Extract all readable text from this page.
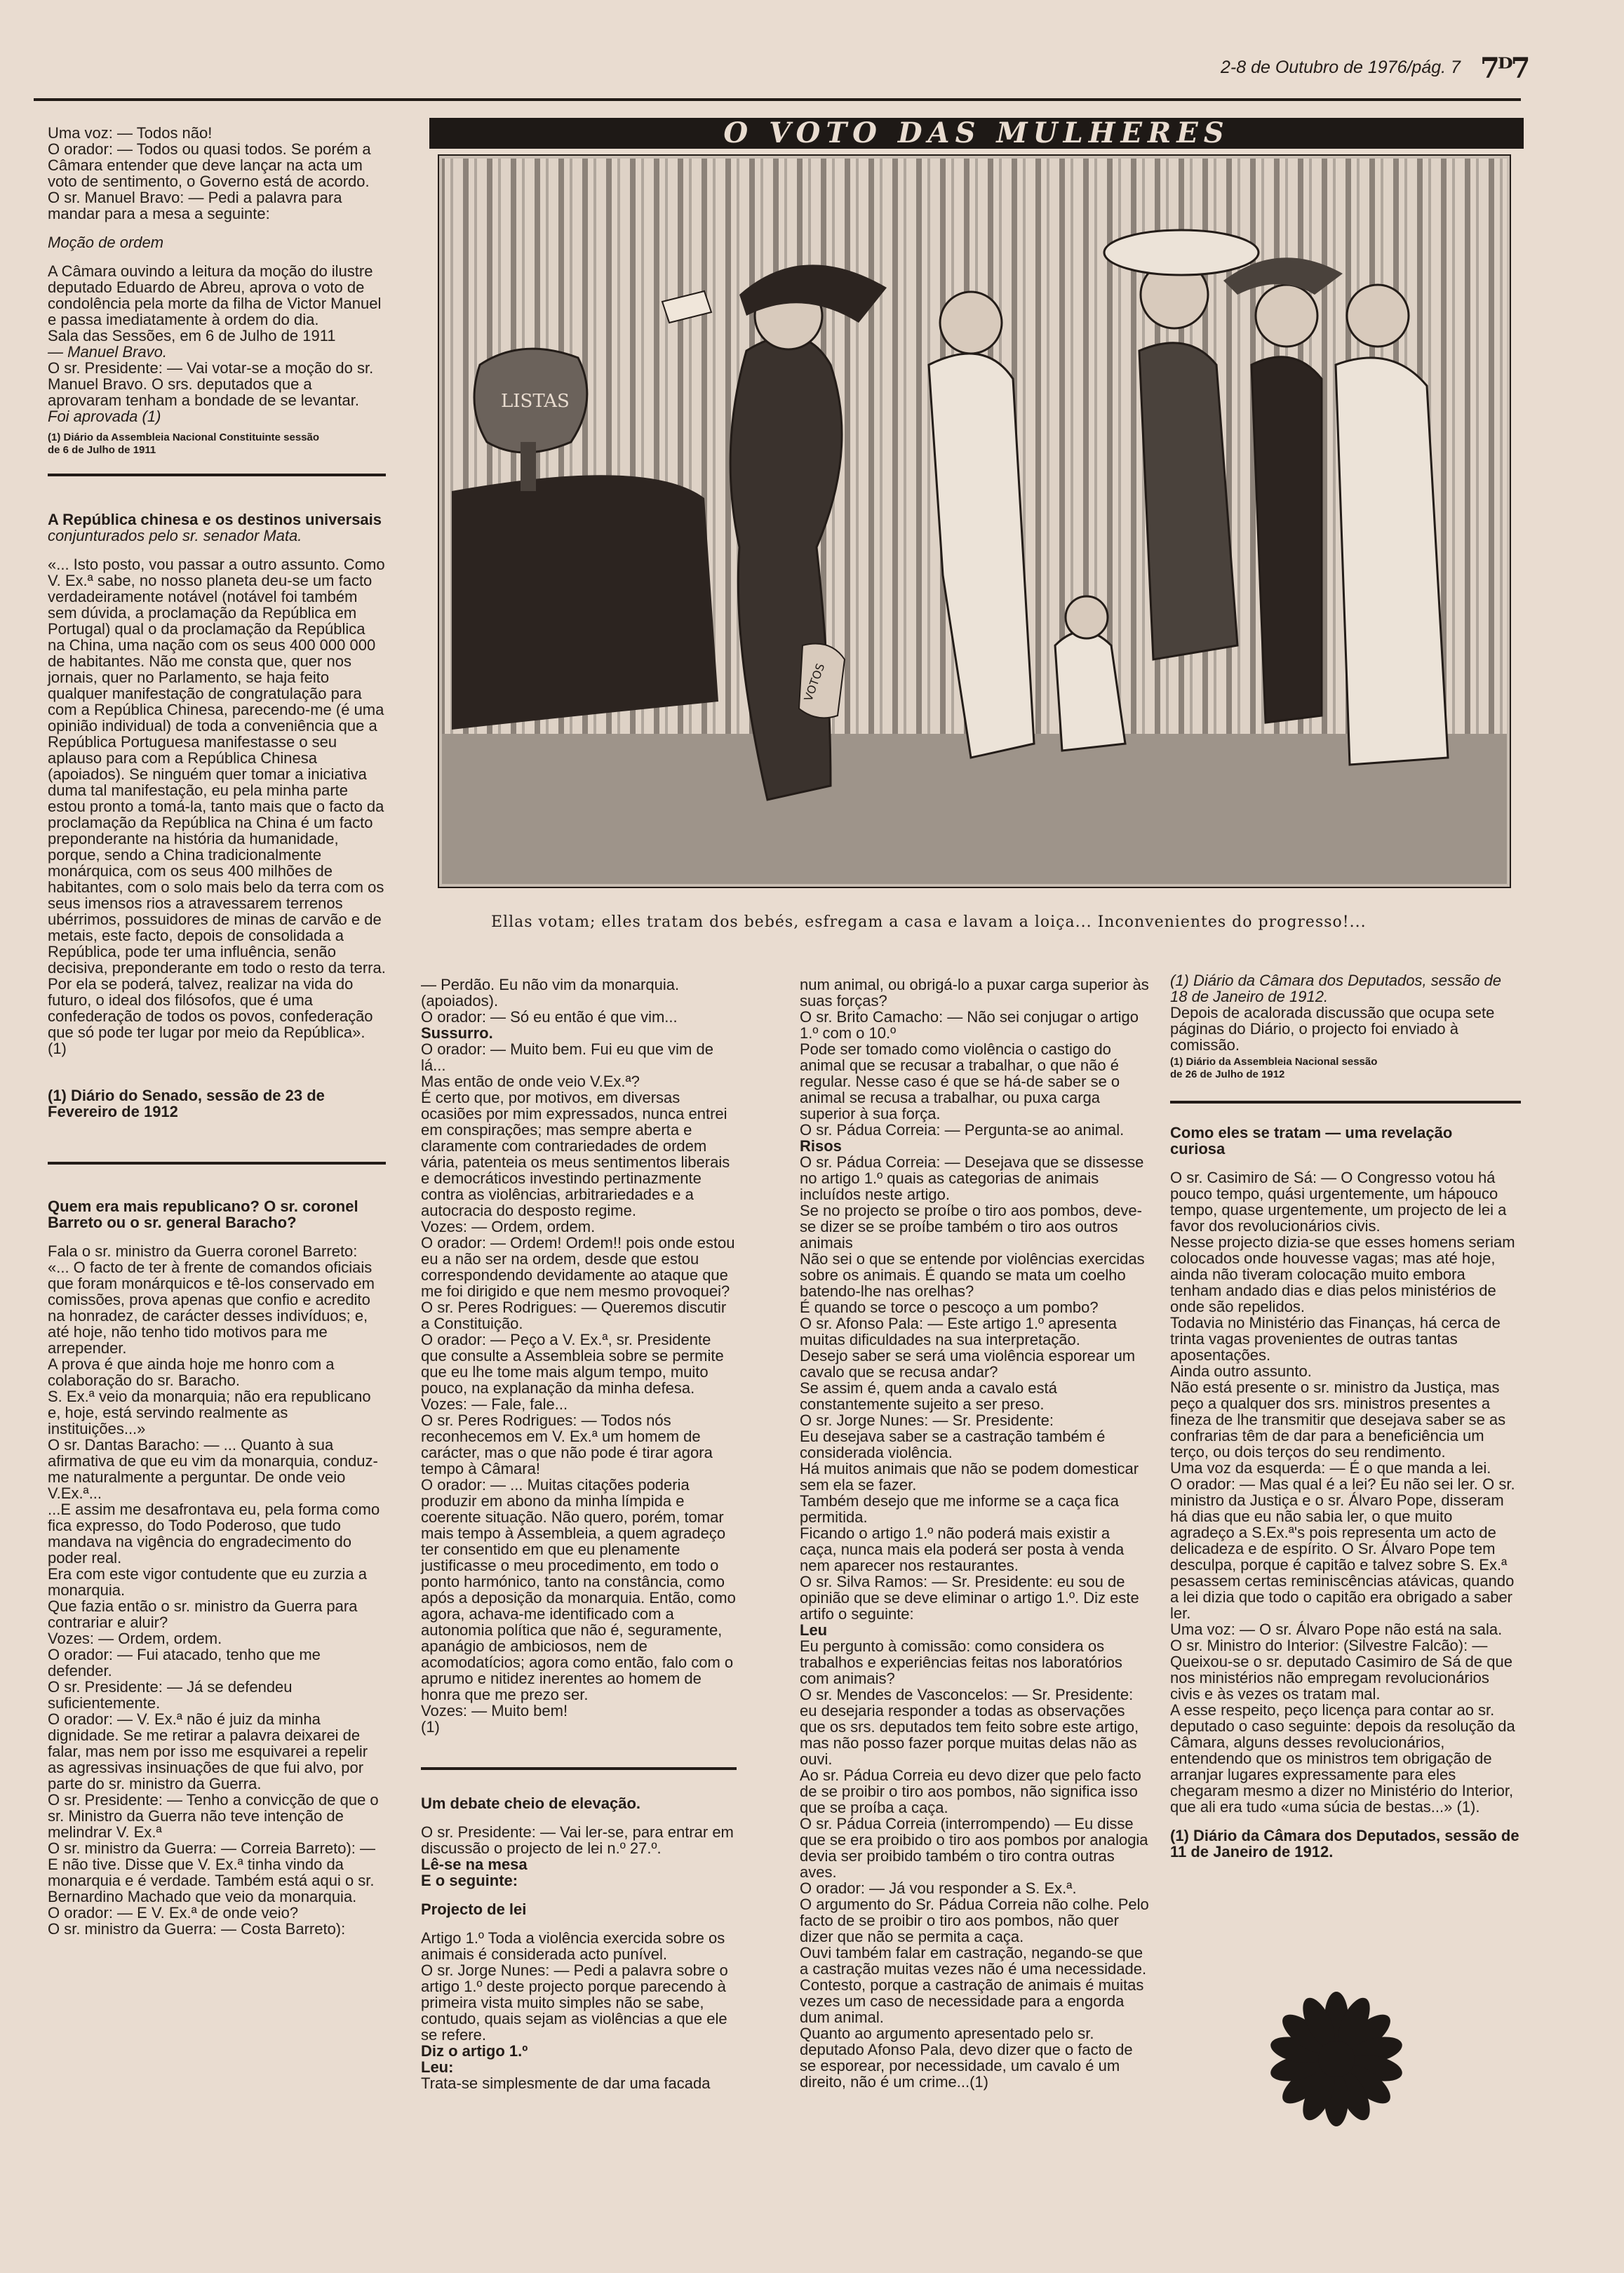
2-8 de Outubro de 1976/pág. 7 7ᴰ7

Uma voz: — Todos não!

O orador: — Todos ou quasi todos. Se porém a Câmara entender que deve lançar na acta um voto de sentimento, o Governo está de acordo.

O sr. Manuel Bravo: — Pedi a palavra para mandar para a mesa a seguinte:

Moção de ordem

A Câmara ouvindo a leitura da moção do ilustre deputado Eduardo de Abreu, aprova o voto de condolência pela morte da filha de Victor Manuel e passa imediatamente à ordem do dia.

Sala das Sessões, em 6 de Julho de 1911

— Manuel Bravo.

O sr. Presidente: — Vai votar-se a moção do sr. Manuel Bravo. O srs. deputados que a aprovaram tenham a bondade de se levantar.

Foi aprovada (1)

(1) Diário da Assembleia Nacional Constituinte sessão de 6 de Julho de 1911

A República chinesa e os destinos universais

conjunturados pelo sr. senador Mata.

«... Isto posto, vou passar a outro assunto. Como V. Ex.ª sabe, no nosso planeta deu-se um facto verdadeiramente notável (notável foi também sem dúvida, a proclamação da República em Portugal) qual o da proclamação da República na China, uma nação com os seus 400 000 000 de habitantes. Não me consta que, quer nos jornais, quer no Parlamento, se haja feito qualquer manifestação de congratulação para com a República Chinesa, parecendo-me (é uma opinião individual) de toda a conveniência que a República Portuguesa manifestasse o seu aplauso para com a República Chinesa (apoiados). Se ninguém quer tomar a iniciativa duma tal manifestação, eu pela minha parte estou pronto a tomá-la, tanto mais que o facto da proclamação da República na China é um facto preponderante na história da humanidade, porque, sendo a China tradicionalmente monárquica, com os seus 400 milhões de habitantes, com o solo mais belo da terra com os seus imensos rios a atravessarem terrenos ubérrimos, possuidores de minas de carvão e de metais, este facto, depois de consolidada a República, pode ter uma influência, senão decisiva, preponderante em todo o resto da terra. Por ela se poderá, talvez, realizar na vida do futuro, o ideal dos filósofos, que é uma confederação de todos os povos, confederação que só pode ter lugar por meio da República». (1)

(1) Diário do Senado, sessão de 23 de Fevereiro de 1912

Quem era mais republicano? O sr. coronel Barreto ou o sr. general Baracho?

Fala o sr. ministro da Guerra coronel Barreto:

«... O facto de ter à frente de comandos oficiais que foram monárquicos e tê-los conservado em comissões, prova apenas que confio e acredito na honradez, de carácter desses indivíduos; e, até hoje, não tenho tido motivos para me arrepender.

A prova é que ainda hoje me honro com a colaboração do sr. Baracho.

S. Ex.ª veio da monarquia; não era republicano e, hoje, está servindo realmente as instituições...»

O sr. Dantas Baracho: — ... Quanto à sua afirmativa de que eu vim da monarquia, conduz-me naturalmente a perguntar. De onde veio V.Ex.ª...

...E assim me desafrontava eu, pela forma como fica expresso, do Todo Poderoso, que tudo mandava na vigência do engradecimento do poder real.

Era com este vigor contudente que eu zurzia a monarquia.

Que fazia então o sr. ministro da Guerra para contrariar e aluir?

Vozes: — Ordem, ordem.

O orador: — Fui atacado, tenho que me defender.

O sr. Presidente: — Já se defendeu suficientemente.

O orador: — V. Ex.ª não é juiz da minha dignidade. Se me retirar a palavra deixarei de falar, mas nem por isso me esquivarei a repelir as agressivas insinuações de que fui alvo, por parte do sr. ministro da Guerra.

O sr. Presidente: — Tenho a convicção de que o sr. Ministro da Guerra não teve intenção de melindrar V. Ex.ª

O sr. ministro da Guerra: — Correia Barreto): — E não tive. Disse que V. Ex.ª tinha vindo da monarquia e é verdade. Também está aqui o sr. Bernardino Machado que veio da monarquia.

O orador: — E V. Ex.ª de onde veio?

O sr. ministro da Guerra: — Costa Barreto):

O VOTO DAS MULHERES
LISTAS
VOTOS
Ellas votam; elles tratam dos bebés, esfregam a casa e lavam a loiça... Inconvenientes do progresso!...

— Perdão. Eu não vim da monarquia. (apoiados).

O orador: — Só eu então é que vim...

Sussurro.

O orador: — Muito bem. Fui eu que vim de lá...

Mas então de onde veio V.Ex.ª?

É certo que, por motivos, em diversas ocasiões por mim expressados, nunca entrei em conspirações; mas sempre aberta e claramente com contrariedades de ordem vária, patenteia os meus sentimentos liberais e democráticos investindo pertinazmente contra as violências, arbitrariedades e a autocracia do desposto regime.

Vozes: — Ordem, ordem.

O orador: — Ordem! Ordem!! pois onde estou eu a não ser na ordem, desde que estou correspondendo devidamente ao ataque que me foi dirigido e que nem mesmo provoquei?

O sr. Peres Rodrigues: — Queremos discutir a Constituição.

O orador: — Peço a V. Ex.ª, sr. Presidente que consulte a Assembleia sobre se permite que eu lhe tome mais algum tempo, muito pouco, na explanação da minha defesa.

Vozes: — Fale, fale...

O sr. Peres Rodrigues: — Todos nós reconhecemos em V. Ex.ª um homem de carácter, mas o que não pode é tirar agora tempo à Câmara!

O orador: — ... Muitas citações poderia produzir em abono da minha límpida e coerente situação. Não quero, porém, tomar mais tempo à Assembleia, a quem agradeço ter consentido em que eu plenamente justificasse o meu procedimento, em todo o ponto harmónico, tanto na constância, como após a deposição da monarquia. Então, como agora, achava-me identificado com a autonomia política que não é, seguramente, apanágio de ambiciosos, nem de acomodatícios; agora como então, falo com o aprumo e nitidez inerentes ao homem de honra que me prezo ser.

Vozes: — Muito bem!

(1)

Um debate cheio de elevação.

O sr. Presidente: — Vai ler-se, para entrar em discussão o projecto de lei n.º 27.º.

Lê-se na mesa

E o seguinte:

Projecto de lei

Artigo 1.º Toda a violência exercida sobre os animais é considerada acto punível.

O sr. Jorge Nunes: — Pedi a palavra sobre o artigo 1.º deste projecto porque parecendo à primeira vista muito simples não se sabe, contudo, quais sejam as violências a que ele se refere.

Diz o artigo 1.º

Leu:

Trata-se simplesmente de dar uma facada

num animal, ou obrigá-lo a puxar carga superior às suas forças?

O sr. Brito Camacho: — Não sei conjugar o artigo 1.º com o 10.º

Pode ser tomado como violência o castigo do animal que se recusar a trabalhar, o que não é regular. Nesse caso é que se há-de saber se o animal se recusa a trabalhar, ou puxa carga superior à sua força.

O sr. Pádua Correia: — Pergunta-se ao animal.

Risos

O sr. Pádua Correia: — Desejava que se dissesse no artigo 1.º quais as categorias de animais incluídos neste artigo.

Se no projecto se proíbe o tiro aos pombos, deve-se dizer se se proíbe também o tiro aos outros animais

Não sei o que se entende por violências exercidas sobre os animais. É quando se mata um coelho batendo-lhe nas orelhas?

É quando se torce o pescoço a um pombo?

O sr. Afonso Pala: — Este artigo 1.º apresenta muitas dificuldades na sua interpretação.

Desejo saber se será uma violência esporear um cavalo que se recusa andar?

Se assim é, quem anda a cavalo está constantemente sujeito a ser preso.

O sr. Jorge Nunes: — Sr. Presidente:

Eu desejava saber se a castração também é considerada violência.

Há muitos animais que não se podem domesticar sem ela se fazer.

Também desejo que me informe se a caça fica permitida.

Ficando o artigo 1.º não poderá mais existir a caça, nunca mais ela poderá ser posta à venda nem aparecer nos restaurantes.

O sr. Silva Ramos: — Sr. Presidente: eu sou de opinião que se deve eliminar o artigo 1.º. Diz este artifo o seguinte:

Leu

Eu pergunto à comissão: como considera os trabalhos e experiências feitas nos laboratórios com animais?

O sr. Mendes de Vasconcelos: — Sr. Presidente: eu desejaria responder a todas as observações que os srs. deputados tem feito sobre este artigo, mas não posso fazer porque muitas delas não as ouvi.

Ao sr. Pádua Correia eu devo dizer que pelo facto de se proibir o tiro aos pombos, não significa isso que se proíba a caça.

O sr. Pádua Correia (interrompendo) — Eu disse que se era proibido o tiro aos pombos por analogia devia ser proibido também o tiro contra outras aves.

O orador: — Já vou responder a S. Ex.ª.

O argumento do Sr. Pádua Correia não colhe. Pelo facto de se proibir o tiro aos pombos, não quer dizer que não se permita a caça.

Ouvi também falar em castração, negando-se que a castração muitas vezes não é uma necessidade. Contesto, porque a castração de animais é muitas vezes um caso de necessidade para a engorda dum animal.

Quanto ao argumento apresentado pelo sr. deputado Afonso Pala, devo dizer que o facto de se esporear, por necessidade, um cavalo é um direito, não é um crime...(1)

(1) Diário da Câmara dos Deputados, sessão de 18 de Janeiro de 1912.

Depois de acalorada discussão que ocupa sete páginas do Diário, o projecto foi enviado à comissão.

(1) Diário da Assembleia Nacional sessão de 26 de Julho de 1912

Como eles se tratam — uma revelação

curiosa

O sr. Casimiro de Sá: — O Congresso votou há pouco tempo, quási urgentemente, um hápouco tempo, quase urgentemente, um projecto de lei a favor dos revolucionários civis.

Nesse projecto dizia-se que esses homens seriam colocados onde houvesse vagas; mas até hoje, ainda não tiveram colocação muito embora tenham andado dias e dias pelos ministérios de onde são repelidos.

Todavia no Ministério das Finanças, há cerca de trinta vagas provenientes de outras tantas aposentações.

Ainda outro assunto.

Não está presente o sr. ministro da Justiça, mas peço a qualquer dos srs. ministros presentes a fineza de lhe transmitir que desejava saber se as confrarias têm de dar para a beneficiência um terço, ou dois terços do seu rendimento.

Uma voz da esquerda: — É o que manda a lei.

O orador: — Mas qual é a lei? Eu não sei ler. O sr. ministro da Justiça e o sr. Álvaro Pope, disseram há dias que eu não sabia ler, o que muito agradeço a S.Ex.ª's pois representa um acto de delicadeza e de espírito. O Sr. Álvaro Pope tem desculpa, porque é capitão e talvez sobre S. Ex.ª pesassem certas reminiscências atávicas, quando a lei dizia que todo o capitão era obrigado a saber ler.

Uma voz: — O sr. Álvaro Pope não está na sala.

O sr. Ministro do Interior: (Silvestre Falcão): — Queixou-se o sr. deputado Casimiro de Sá de que nos ministérios não empregam revolucionários civis e às vezes os tratam mal.

A esse respeito, peço licença para contar ao sr. deputado o caso seguinte: depois da resolução da Câmara, alguns desses revolucionários, entendendo que os ministros tem obrigação de arranjar lugares expressamente para eles chegaram mesmo a dizer no Ministério do Interior, que ali era tudo «uma súcia de bestas...» (1).

(1) Diário da Câmara dos Deputados, sessão de 11 de Janeiro de 1912.
